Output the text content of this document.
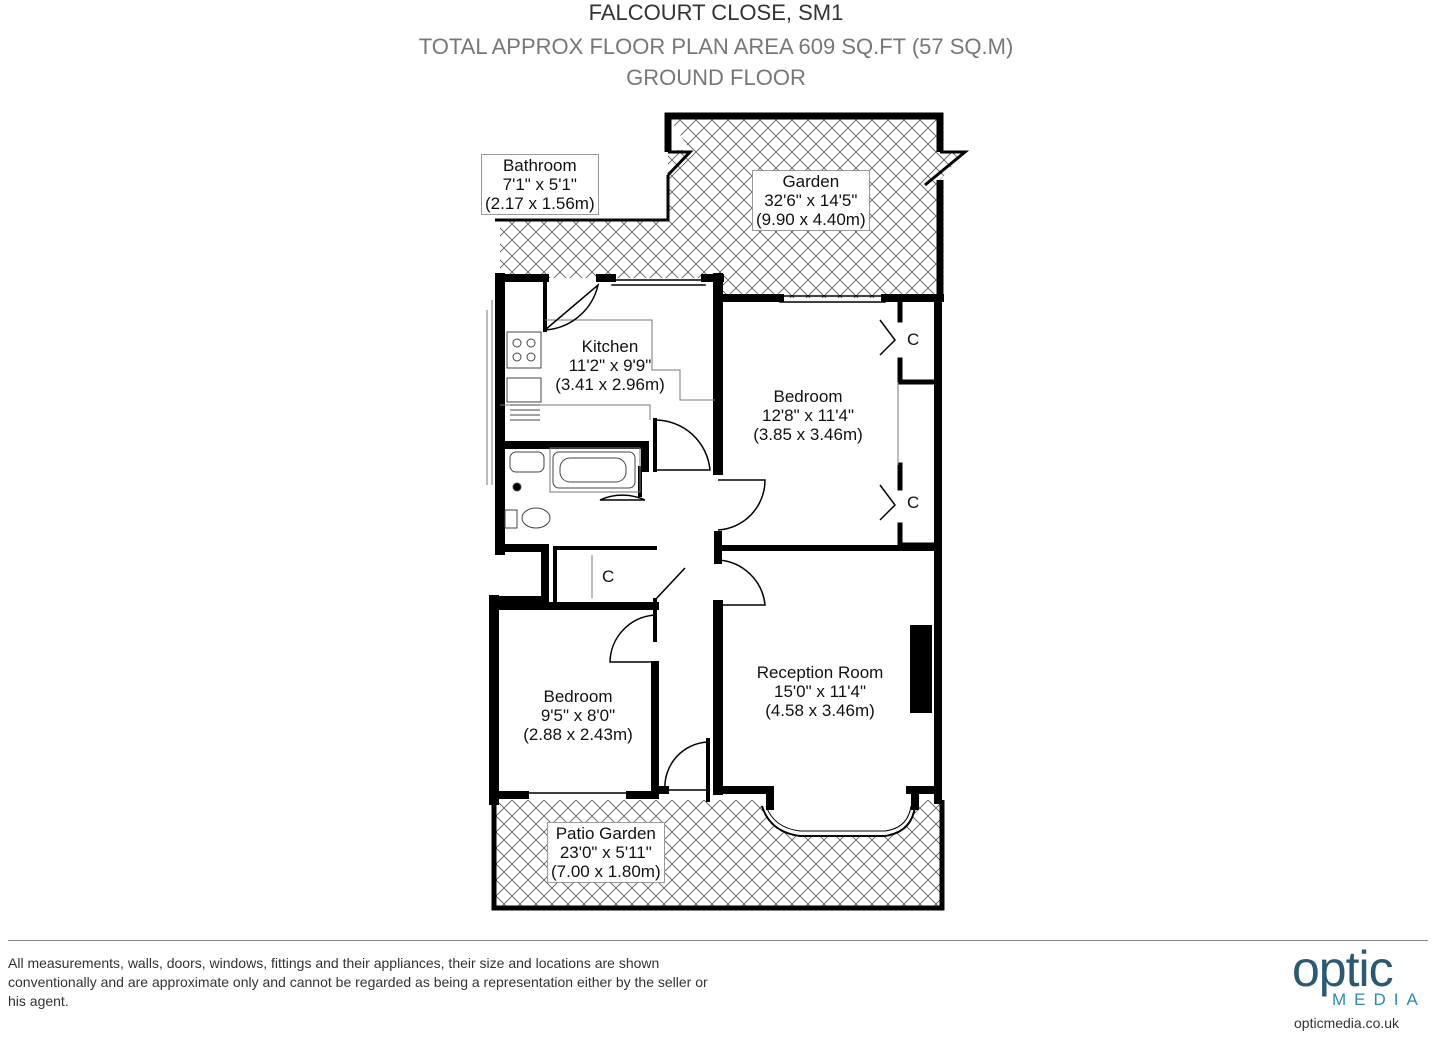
FALCOURT CLOSE, SM1
TOTAL APPROX FLOOR PLAN AREA 609 SQ.FT (57 SQ.M)
GROUND FLOOR
Bathroom
7'1" x 5'1"
(2.17 x 1.56m)
Garden
32'6" x 14'5"
(9.90 x 4.40m)
Kitchen
11'2" x 9'9"
(3.41 x 2.96m)
Bedroom
12'8" x 11'4"
(3.85 x 3.46m)
Reception Room
15'0" x 11'4"
(4.58 x 3.46m)
Bedroom
9'5" x 8'0"
(2.88 x 2.43m)
Patio Garden
23'0" x 5'11"
(7.00 x 1.80m)
C
C
C
All measurements, walls, doors, windows, fittings and their appliances, their size and locations are shown conventionally and are approximate only and cannot be regarded as being a representation either by the seller or his agent.
optic
MEDIA
opticmedia.co.uk
